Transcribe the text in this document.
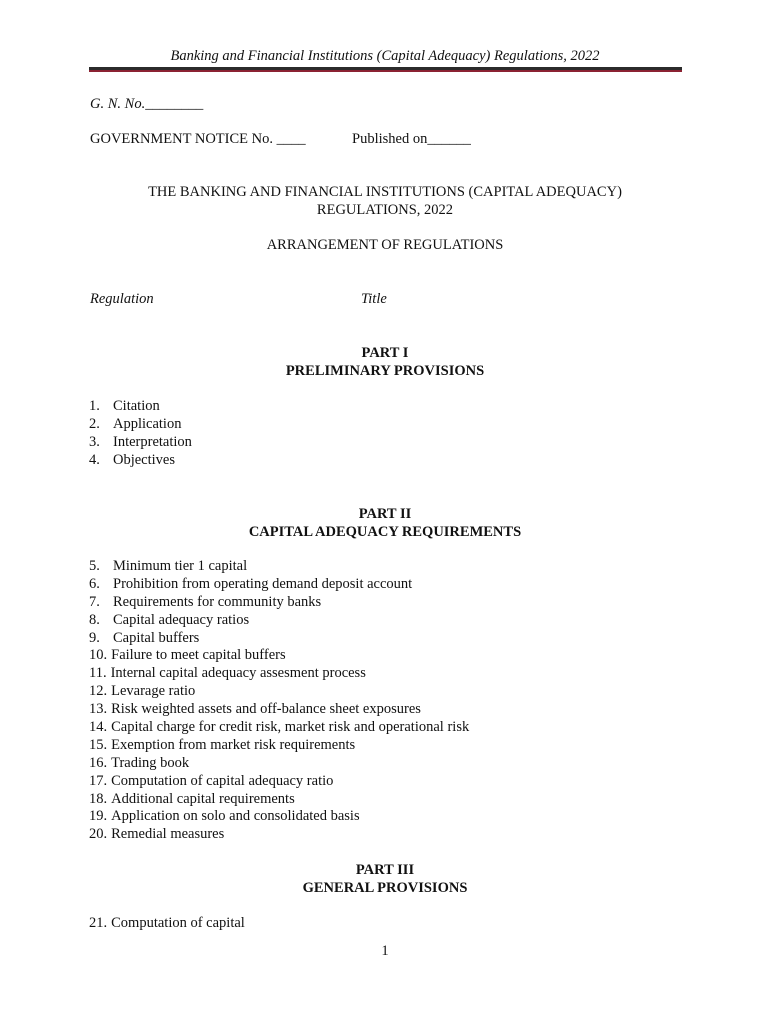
Banking and Financial Institutions (Capital Adequacy) Regulations, 2022
G. N. No.________
GOVERNMENT NOTICE No. ____	Published on______
THE BANKING AND FINANCIAL INSTITUTIONS (CAPITAL ADEQUACY)
REGULATIONS, 2022
ARRANGEMENT OF REGULATIONS
Regulation	Title
PART I
PRELIMINARY PROVISIONS
1. Citation
2. Application
3. Interpretation
4. Objectives
PART II
CAPITAL ADEQUACY REQUIREMENTS
5. Minimum tier 1 capital
6. Prohibition from operating demand deposit account
7. Requirements for community banks
8. Capital adequacy ratios
9. Capital buffers
10. Failure to meet capital buffers
11. Internal capital adequacy assesment process
12. Levarage ratio
13. Risk weighted assets and off-balance sheet exposures
14. Capital charge for credit risk, market risk and operational risk
15. Exemption from market risk requirements
16. Trading book
17. Computation of capital adequacy ratio
18. Additional capital requirements
19. Application on solo and consolidated basis
20. Remedial measures
PART III
GENERAL PROVISIONS
21. Computation of capital
1
